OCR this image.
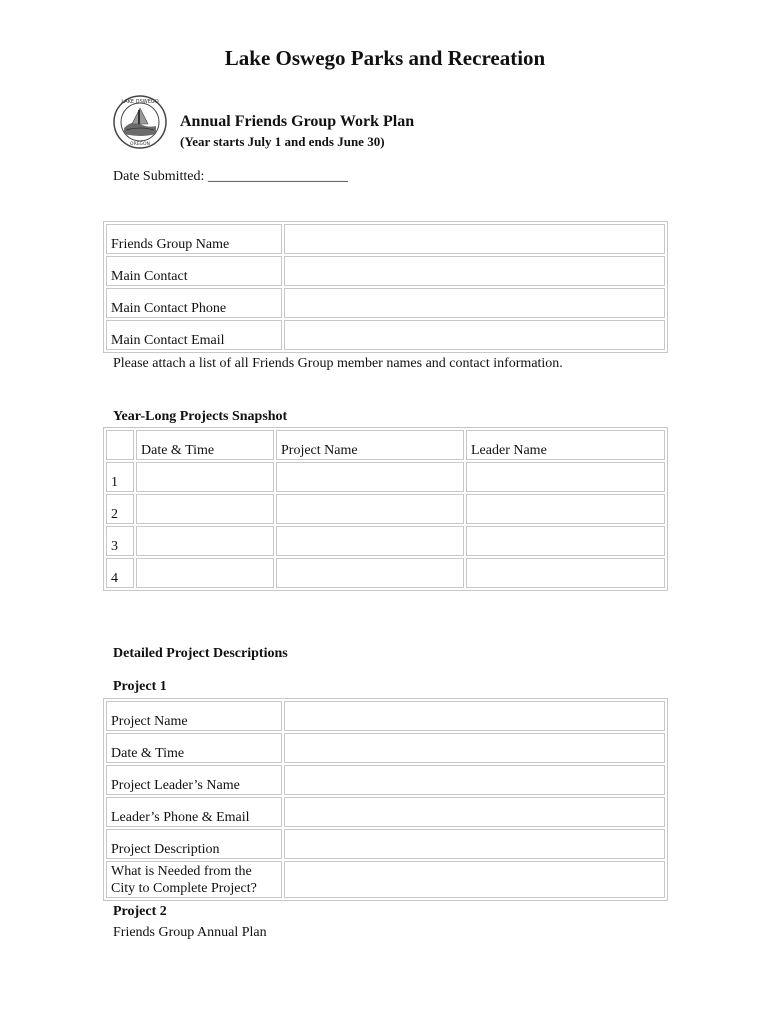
Lake Oswego Parks and Recreation
LAKE OSWEGO
OREGON
Annual Friends Group Work Plan
(Year starts July 1 and ends June 30)
Date Submitted: ____________________
Friends Group Name	
Main Contact	
Main Contact Phone	
Main Contact Email	
Please attach a list of all Friends Group member names and contact information.
Year-Long Projects Snapshot
	Date & Time	Project Name	Leader Name
1			
2			
3			
4			
Detailed Project Descriptions
Project 1
Project Name	
Date & Time	
Project Leader’s Name	
Leader’s Phone & Email	
Project Description	
What is Needed from the City to Complete Project?	
Project 2
Friends Group Annual Plan
